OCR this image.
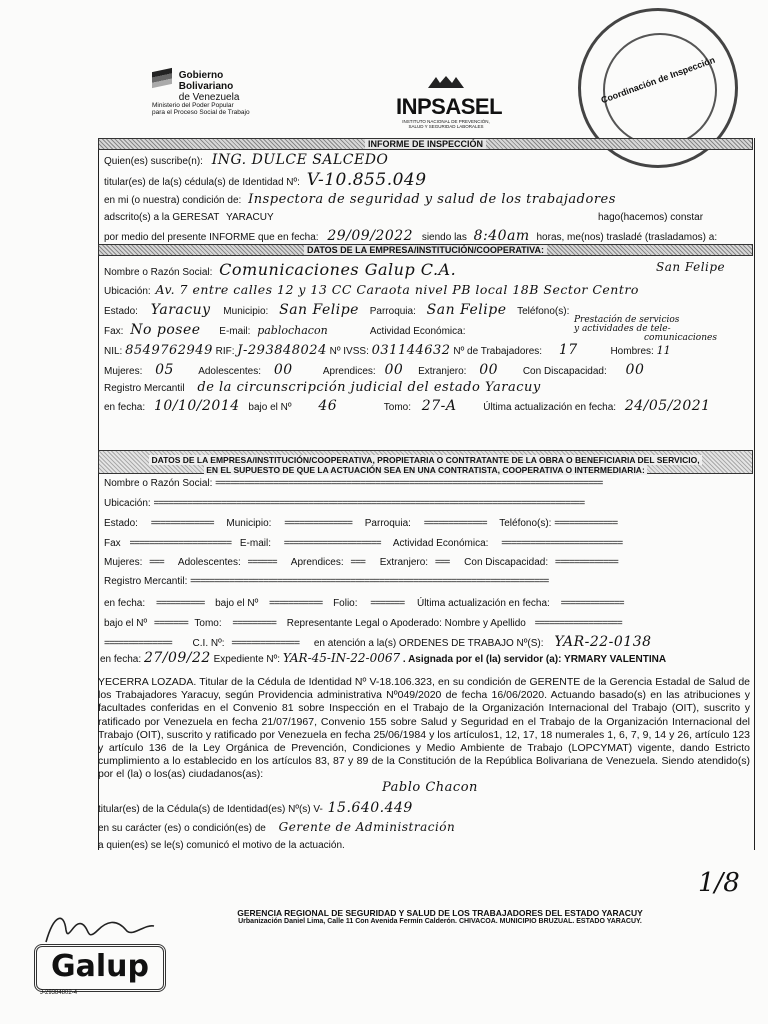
Gobierno
Bolivariano
de Venezuela
Ministerio del Poder Popular
para el Proceso Social de Trabajo	INPSASEL
INSTITUTO NACIONAL DE PREVENCIÓN,
SALUD Y SEGURIDAD LABORALES
Coordinación de Inspección
INFORME DE INSPECCIÓN
Quien(es) suscribe(n): ING. DULCE SALCEDO
titular(es) de la(s) cédula(s) de Identidad Nº: V-10.855.049
en mi (o nuestra) condición de: Inspectora de seguridad y salud de los trabajadores
adscrito(s) a la GERESAT YARACUY	hago(hacemos) constar
por medio del presente INFORME que en fecha: 29/09/2022 siendo las 8:40am horas, me(nos) trasladé (trasladamos) a:
DATOS DE LA EMPRESA/INSTITUCIÓN/COOPERATIVA:
Nombre o Razón Social: Comunicaciones Galup C.A.	San Felipe
Ubicación: Av. 7 entre calles 12 y 13 CC Caraota nivel PB local 18B Sector Centro
Estado: Yaracuy Municipio: San Felipe Parroquia: San Felipe Teléfono(s):
Fax: No posee E-mail: pablochacon	Actividad Económica:
Prestación de servicios
y actividades de tele-
comunicaciones
NIL: 8549762949 RIF: J-293848024 Nº IVSS: 031144632 Nº de Trabajadores: 17	Hombres: 11
Mujeres: 05 Adolescentes: 00	Aprendices: 00 Extranjero: 00 Con Discapacidad: 00
Registro Mercantil de la circunscripción judicial del estado Yaracuy
en fecha: 10/10/2014 bajo el Nº 46	Tomo: 27-A	Última actualización en fecha: 24/05/2021
DATOS DE LA EMPRESA/INSTITUCIÓN/COOPERATIVA, PROPIETARIA O CONTRATANTE DE LA OBRA O BENEFICIARIA DEL SERVICIO,
EN EL SUPUESTO DE QUE LA ACTUACIÓN SEA EN UNA CONTRATISTA, COOPERATIVA O INTERMEDIARIA:
Nombre o Razón Social: ================================================================================
Ubicación: =========================================================================================
Estado: ============= Municipio: ============== Parroquia: ============= Teléfono(s): =============
Fax ===================== E-mail: ==================== Actividad Económica: =========================
Mujeres: === Adolescentes: ====== Aprendices: === Extranjero: === Con Discapacidad: =============
Registro Mercantil: ==========================================================================
en fecha: ========== bajo el Nº =========== Folio: ======= Última actualización en fecha: =============
bajo el Nº ======= Tomo: ========= Representante Legal o Apoderado: Nombre y Apellido ==================
============== C.I. Nº: ============== en atención a la(s) ORDENES DE TRABAJO Nº(S): YAR-22-0138
en fecha: 27/09/22 Expediente Nº: YAR-45-IN-22-0067 . Asignada por el (la) servidor (a): YRMARY VALENTINA
YECERRA LOZADA. Titular de la Cédula de Identidad Nº V-18.106.323, en su condición de GERENTE de la Gerencia Estadal de Salud de los Trabajadores Yaracuy, según Providencia administrativa Nº049/2020 de fecha 16/06/2020. Actuando basado(s) en las atribuciones y facultades conferidas en el Convenio 81 sobre Inspección en el Trabajo de la Organización Internacional del Trabajo (OIT), suscrito y ratificado por Venezuela en fecha 21/07/1967, Convenio 155 sobre Salud y Seguridad en el Trabajo de la Organización Internacional del Trabajo (OIT), suscrito y ratificado por Venezuela en fecha 25/06/1984 y los artículos1, 12, 17, 18 numerales 1, 6, 7, 9, 14 y 26, artículo 123 y artículo 136 de la Ley Orgánica de Prevención, Condiciones y Medio Ambiente de Trabajo (LOPCYMAT) vigente, dando Estricto cumplimiento a lo establecido en los artículos 83, 87 y 89 de la Constitución de la República Bolivariana de Venezuela. Siendo atendido(s) por el (la) o los(as) ciudadanos(as):
Pablo Chacon
titular(es) de la Cédula(s) de Identidad(es) Nº(s) V- 15.640.449
en su carácter (es) o condición(es) de Gerente de Administración
a quien(es) se le(s) comunicó el motivo de la actuación.
1/8
GERENCIA REGIONAL DE SEGURIDAD Y SALUD DE LOS TRABAJADORES DEL ESTADO YARACUY
Urbanización Daniel Lima, Calle 11 Con Avenida Fermín Calderón. CHIVACOA. MUNICIPIO BRUZUAL. ESTADO YARACUY.
Galup
J-29384802-4
